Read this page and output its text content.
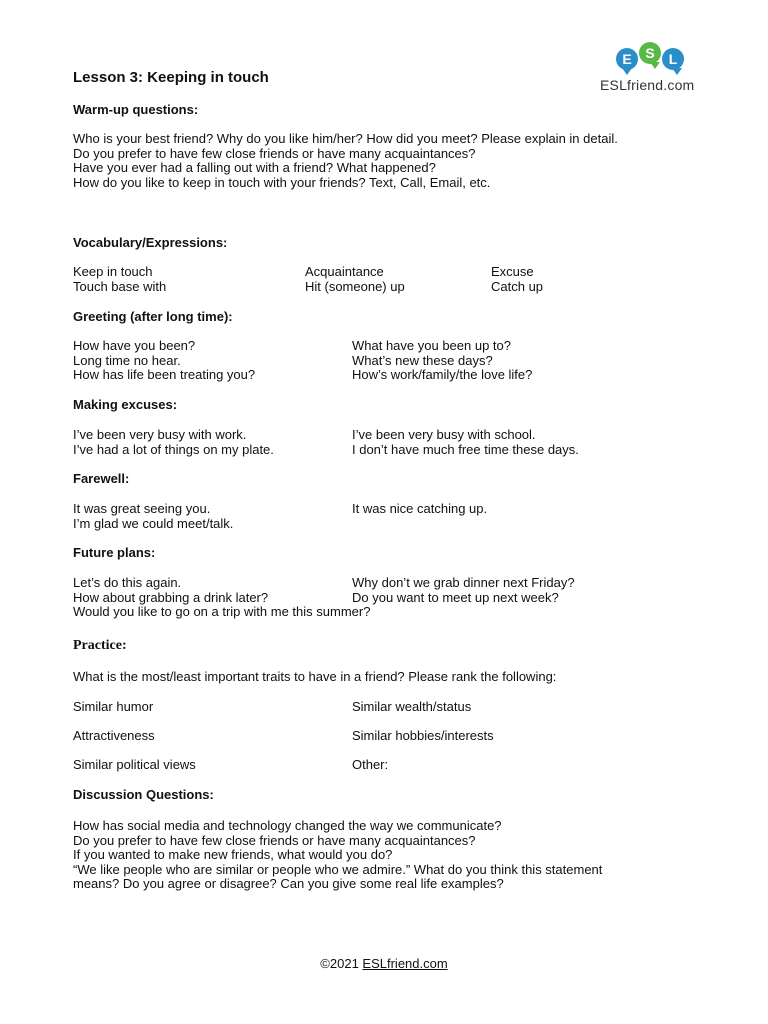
E S	L
ESLfriend.com
Lesson 3: Keeping in touch
Warm-up questions:
Who is your best friend? Why do you like him/her? How did you meet? Please explain in detail.
Do you prefer to have few close friends or have many acquaintances?
Have you ever had a falling out with a friend? What happened?
How do you like to keep in touch with your friends? Text, Call, Email, etc.
Vocabulary/Expressions:
Keep in touch	Acquaintance	Excuse
Touch base with	Hit (someone) up	Catch up
Greeting (after long time):
How have you been?	What have you been up to?
Long time no hear.	What’s new these days?
How has life been treating you?	How’s work/family/the love life?
Making excuses:
I’ve been very busy with work.	I’ve been very busy with school.
I’ve had a lot of things on my plate.	I don’t have much free time these days.
Farewell:
It was great seeing you.	It was nice catching up.
I’m glad we could meet/talk.
Future plans:
Let’s do this again.	Why don’t we grab dinner next Friday?
How about grabbing a drink later?	Do you want to meet up next week?
Would you like to go on a trip with me this summer?
Practice:
What is the most/least important traits to have in a friend? Please rank the following:
Similar humor	Similar wealth/status
Attractiveness	Similar hobbies/interests
Similar political views	Other:
Discussion Questions:
How has social media and technology changed the way we communicate?
Do you prefer to have few close friends or have many acquaintances?
If you wanted to make new friends, what would you do?
“We like people who are similar or people who we admire.” What do you think this statement
means? Do you agree or disagree? Can you give some real life examples?
©2021 ESLfriend.com
